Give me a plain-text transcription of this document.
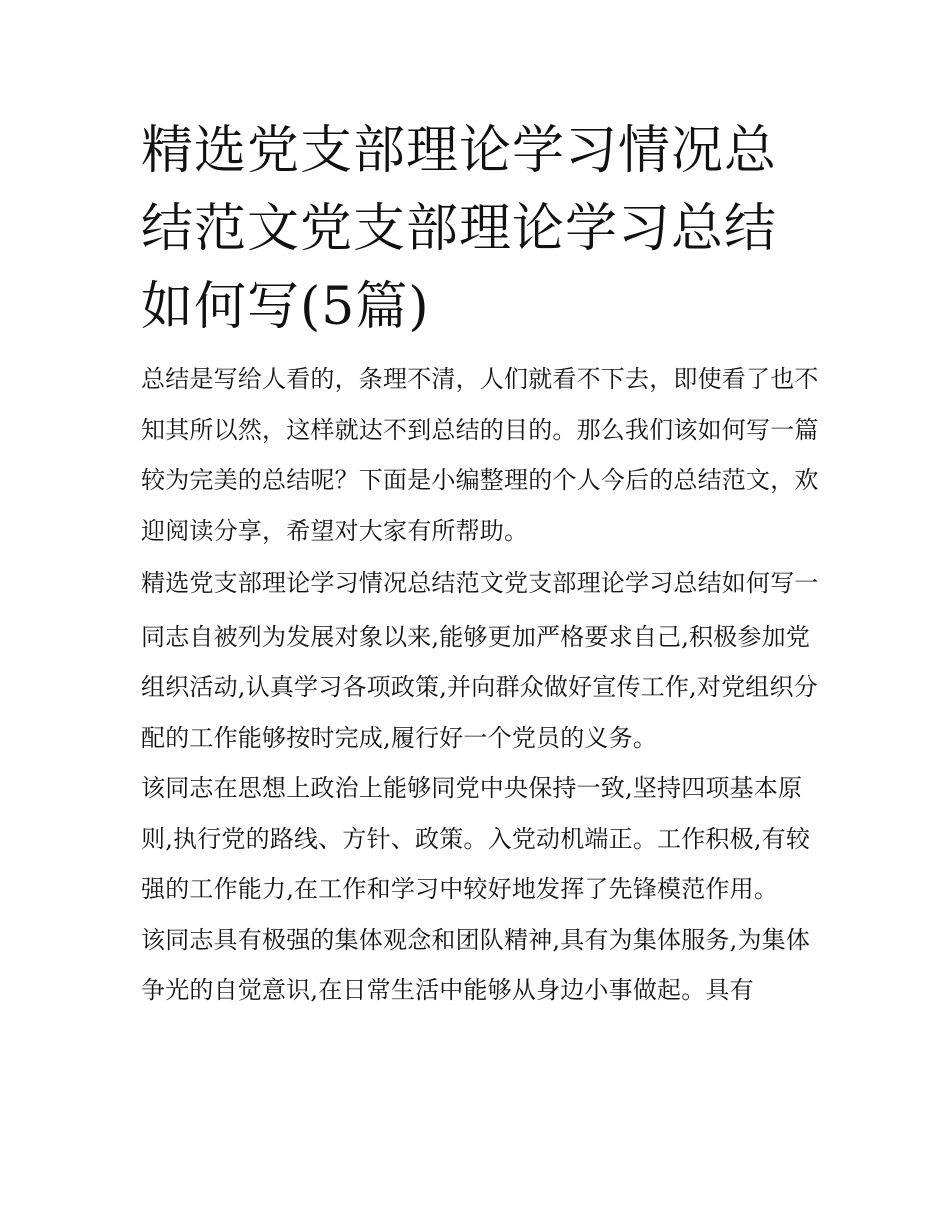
精选党支部理论学习情况总结范文党支部理论学习总结如何写(5篇)

总结是写给人看的，条理不清，人们就看不下去，即使看了也不知其所以然，这样就达不到总结的目的。那么我们该如何写一篇较为完美的总结呢？下面是小编整理的个人今后的总结范文，欢迎阅读分享，希望对大家有所帮助。

精选党支部理论学习情况总结范文党支部理论学习总结如何写一

同志自被列为发展对象以来,能够更加严格要求自己,积极参加党组织活动,认真学习各项政策,并向群众做好宣传工作,对党组织分配的工作能够按时完成,履行好一个党员的义务。

该同志在思想上政治上能够同党中央保持一致,坚持四项基本原则,执行党的路线、方针、政策。入党动机端正。工作积极,有较强的工作能力,在工作和学习中较好地发挥了先锋模范作用。

该同志具有极强的集体观念和团队精神,具有为集体服务,为集体争光的自觉意识,在日常生活中能够从身边小事做起。具有
